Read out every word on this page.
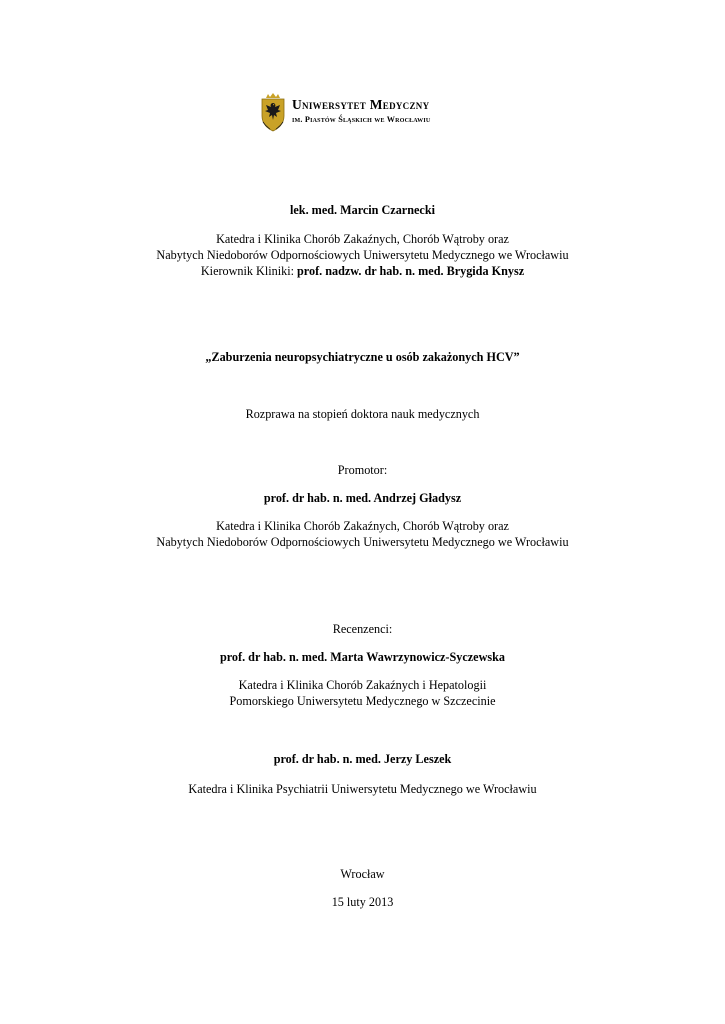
Uniwersytet Medyczny
im. Piastów Śląskich we Wrocławiu
lek. med. Marcin Czarnecki
Katedra i Klinika Chorób Zakaźnych, Chorób Wątroby oraz
Nabytych Niedoborów Odpornościowych Uniwersytetu Medycznego we Wrocławiu
Kierownik Kliniki: prof. nadzw. dr hab. n. med. Brygida Knysz
„Zaburzenia neuropsychiatryczne u osób zakażonych HCV”
Rozprawa na stopień doktora nauk medycznych
Promotor:
prof. dr hab. n. med. Andrzej Gładysz
Katedra i Klinika Chorób Zakaźnych, Chorób Wątroby oraz
Nabytych Niedoborów Odpornościowych Uniwersytetu Medycznego we Wrocławiu
Recenzenci:
prof. dr hab. n. med. Marta Wawrzynowicz-Syczewska
Katedra i Klinika Chorób Zakaźnych i Hepatologii
Pomorskiego Uniwersytetu Medycznego w Szczecinie
prof. dr hab. n. med. Jerzy Leszek
Katedra i Klinika Psychiatrii Uniwersytetu Medycznego we Wrocławiu
Wrocław
15 luty 2013
